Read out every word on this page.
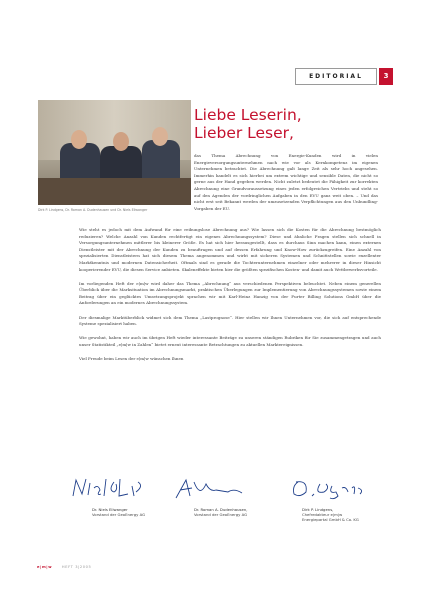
EDITORIAL	3
Dirk P. Lindgens, Dr. Roman A. Dudenhausen und Dr. Niels Ellwanger
Liebe Leserin,
Lieber Leser,
das Thema Abrechnung von Energie-Kunden wird in vielen Energieversorgungsunternehmen nach wie vor als Kernkompetenz im eigenen Unternehmen betrachtet. Die Abrechnung galt lange Zeit als sehr hoch angesehen. Immerhin handelt es sich hierbei um extrem wichtige und sensible Daten, die nicht so gerne aus der Hand gegeben werden. Nicht zuletzt bedeutet die Fähigkeit zur korrekten Abrechnung eine Grundvoraussetzung eines jeden erfolgreichen Vertriebs und steht so auf den Agenden der vordringlichen Aufgaben in den EVU ganz weit oben. – Und das nicht erst seit Bekannt werden der umzusetzenden Verpflichtungen aus den Unbundling-Vorgaben der EU.

Wie steht es jedoch mit dem Aufwand für eine reibungslose Abrechnung aus? Wie lassen sich die Kosten für die Abrechnung bestmöglich reduzieren? Welche Anzahl von Kunden rechtfertigt ein eigenes Abrechnungssystem? Diese und ähnliche Fragen stellen sich schnell in Versorgungsunternehmen mittlerer bis kleinerer Größe. Es hat sich hier herausgestellt, dass es durchaus Sinn machen kann, einen externen Dienstleister mit der Abrechnung der Kunden zu beauftragen und auf dessen Erfahrung und Know-How zurückzugreifen. Eine Anzahl von spezialisierten Dienstleistern hat sich diesem Thema angenommen und wirbt mit sicheren Systemen und Schnittstellen sowie exzellenter Marktkenntnis und modernen Datensicherheit. Oftmals sind es gerade die Tochterunternehmen einzelner oder mehrerer in dieser Hinsicht kooperierender EVU, die diesen Service anbieten. Skaleneffekte bieten hier die größten spezifischen Kosten- und damit auch Wettbewerbsvorteile.

Im vorliegenden Heft der e|m|w wird daher das Thema „Abrechnung“ aus verschiedenen Perspektiven beleuchtet. Neben einem generellen Überblick über die Marksituation im Abrechnungsmarkt, praktischen Überlegungen zur Implementierung von Abrechnungssystemen sowie einem Beitrag über ein geglücktes Umsetzungsprojekt sprachen wir mit Karl-Heinz Hanzig von der Furter Billing Solutions GmbH über die Anforderungen an ein modernes Abrechnungssystem.

Der diesmalige Marktüberblick widmet sich dem Thema „Lastprognose“. Hier stellen wir Ihnen Unternehmen vor, die sich auf entsprechende Systeme spezialisiert haben.

Wie gewohnt, haben wir auch im übrigen Heft wieder interessante Beiträge zu unseren ständigen Rubriken für Sie zusammengetragen und auch unser Statistikteil „e|m|w in Zahlen“ bietet erneut interessante Betrachtungen zu aktuellen Marktereignissen.

Viel Freude beim Lesen der e|m|w wünschen Ihnen

Dr. Niels Ellwanger
Vorstand der GeoEnergy AG
Dr. Roman A. Dudenhausen,
Vorstand der GeoEnergy AG
Dirk P. Lindgens,
Chefredakteur e|m|w
Energiepartal GmbH & Co. KG
e|m|w	HEFT 3|2005
